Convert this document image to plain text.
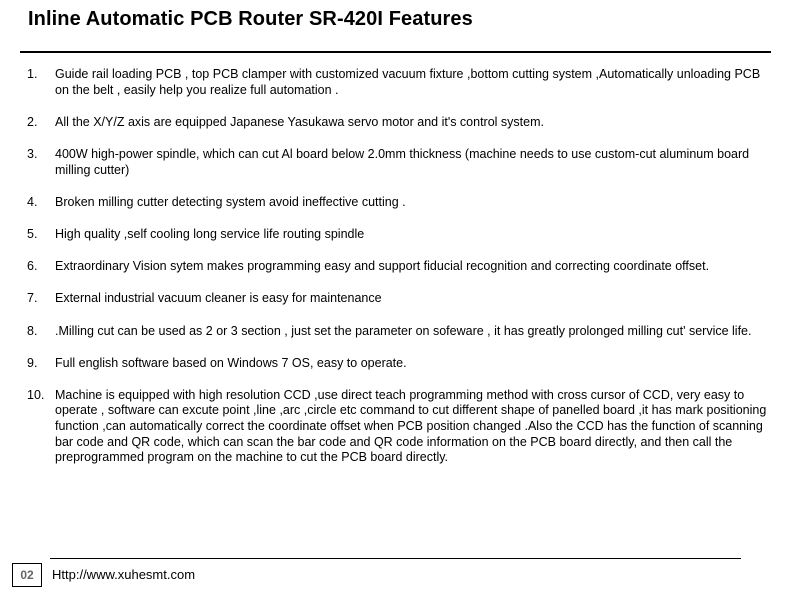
Inline Automatic PCB Router SR-420I Features
1. Guide rail loading PCB , top PCB clamper with customized vacuum fixture ,bottom cutting system ,Automatically unloading PCB on the belt , easily help you realize full automation .
2. All the X/Y/Z axis are equipped Japanese Yasukawa servo motor and it's control system.
3. 400W high-power spindle, which can cut Al board below 2.0mm thickness (machine needs to use custom-cut aluminum board milling cutter)
4. Broken milling cutter detecting system avoid ineffective cutting .
5. High quality ,self cooling long service life routing spindle
6. Extraordinary Vision sytem makes programming easy and support fiducial recognition and correcting coordinate offset.
7. External industrial vacuum cleaner is easy for maintenance
8. .Milling cut can be used as 2 or 3 section , just set the parameter on sofeware , it has greatly prolonged milling cut' service life.
9. Full english software based on Windows 7 OS, easy to operate.
10. Machine is equipped with high resolution CCD ,use direct teach programming method with cross cursor of CCD, very easy to operate , software can excute point ,line ,arc ,circle etc command to cut different shape of panelled board ,it has mark positioning function ,can automatically correct the coordinate offset when PCB position changed .Also the CCD has the function of scanning bar code and QR code, which can scan the bar code and QR code information on the PCB board directly, and then call the preprogrammed program on the machine to cut the PCB board directly.
02	Http://www.xuhesmt.com
